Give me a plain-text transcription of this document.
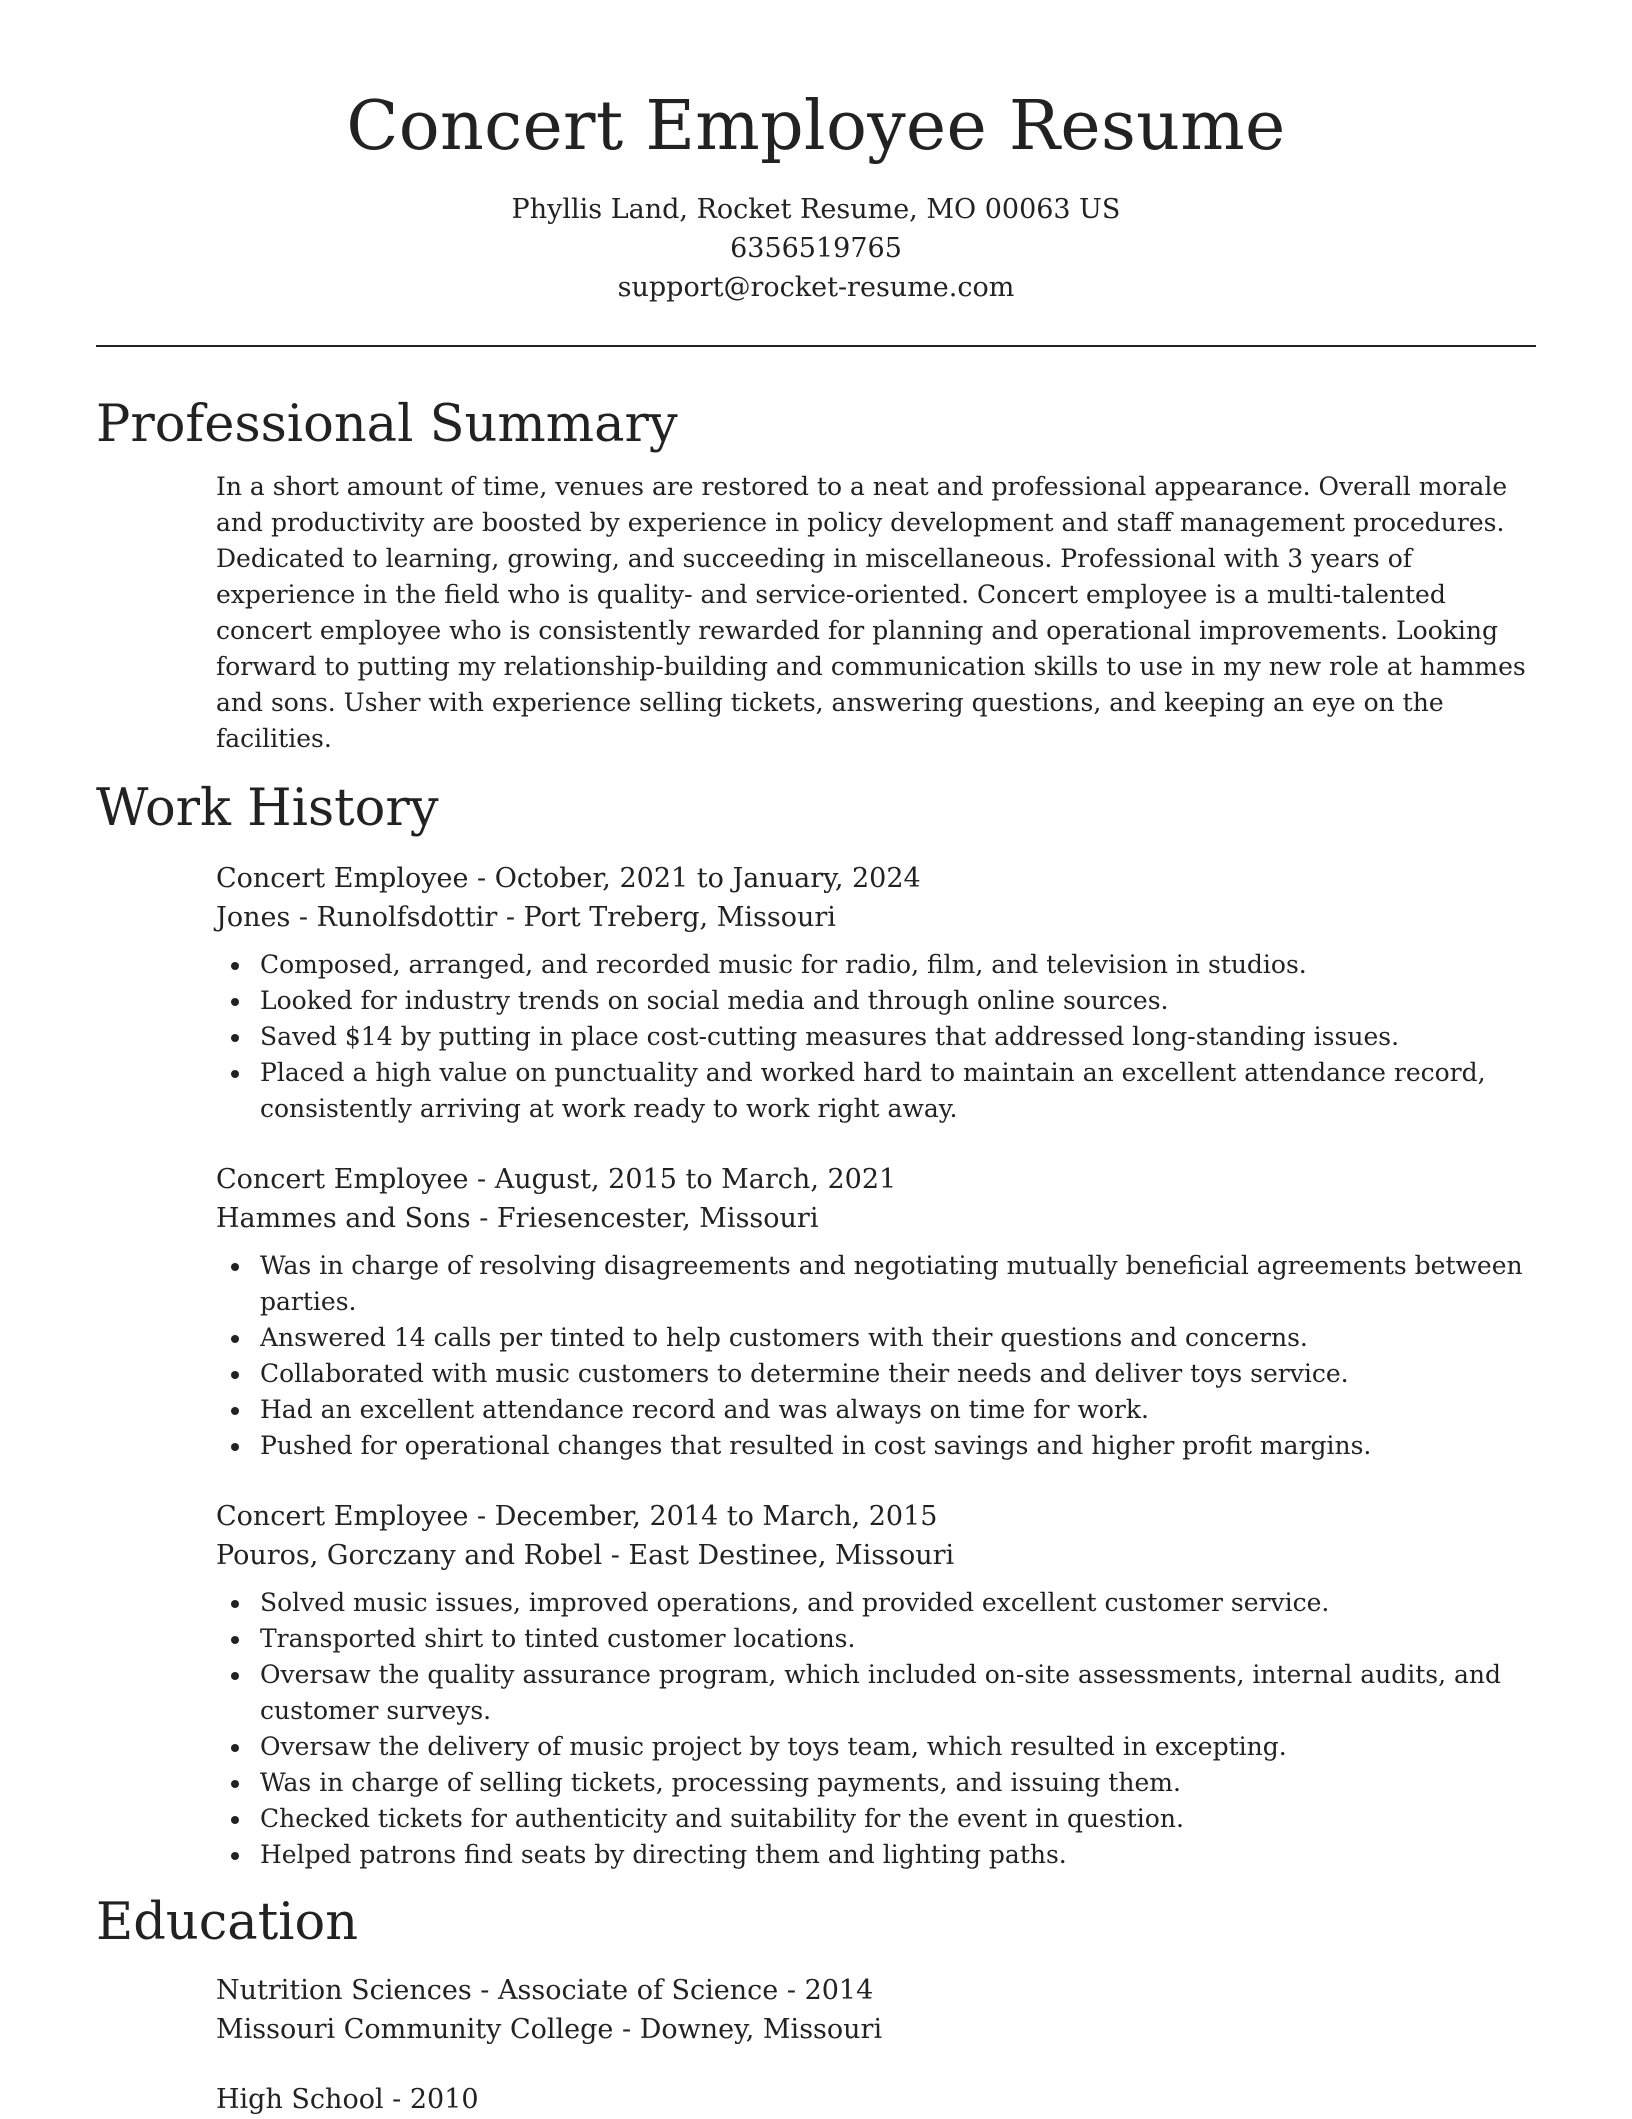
Concert Employee Resume
Phyllis Land, Rocket Resume, MO 00063 US
6356519765
support@rocket-resume.com
Professional Summary

In a short amount of time, venues are restored to a neat and professional appearance. Overall morale and productivity are boosted by experience in policy development and staff management procedures. Dedicated to learning, growing, and succeeding in miscellaneous. Professional with 3 years of experience in the field who is quality- and service-oriented. Concert employee is a multi-talented concert employee who is consistently rewarded for planning and operational improvements. Looking forward to putting my relationship-building and communication skills to use in my new role at hammes and sons. Usher with experience selling tickets, answering questions, and keeping an eye on the facilities.

Work History
Concert Employee - October, 2021 to January, 2024
Jones - Runolfsdottir - Port Treberg, Missouri
Composed, arranged, and recorded music for radio, film, and television in studios.
Looked for industry trends on social media and through online sources.
Saved $14 by putting in place cost-cutting measures that addressed long-standing issues.
Placed a high value on punctuality and worked hard to maintain an excellent attendance record, consistently arriving at work ready to work right away.
Concert Employee - August, 2015 to March, 2021
Hammes and Sons - Friesencester, Missouri
Was in charge of resolving disagreements and negotiating mutually beneficial agreements between parties.
Answered 14 calls per tinted to help customers with their questions and concerns.
Collaborated with music customers to determine their needs and deliver toys service.
Had an excellent attendance record and was always on time for work.
Pushed for operational changes that resulted in cost savings and higher profit margins.
Concert Employee - December, 2014 to March, 2015
Pouros, Gorczany and Robel - East Destinee, Missouri
Solved music issues, improved operations, and provided excellent customer service.
Transported shirt to tinted customer locations.
Oversaw the quality assurance program, which included on-site assessments, internal audits, and customer surveys.
Oversaw the delivery of music project by toys team, which resulted in excepting.
Was in charge of selling tickets, processing payments, and issuing them.
Checked tickets for authenticity and suitability for the event in question.
Helped patrons find seats by directing them and lighting paths.
Education
Nutrition Sciences - Associate of Science - 2014
Missouri Community College - Downey, Missouri
High School - 2010
